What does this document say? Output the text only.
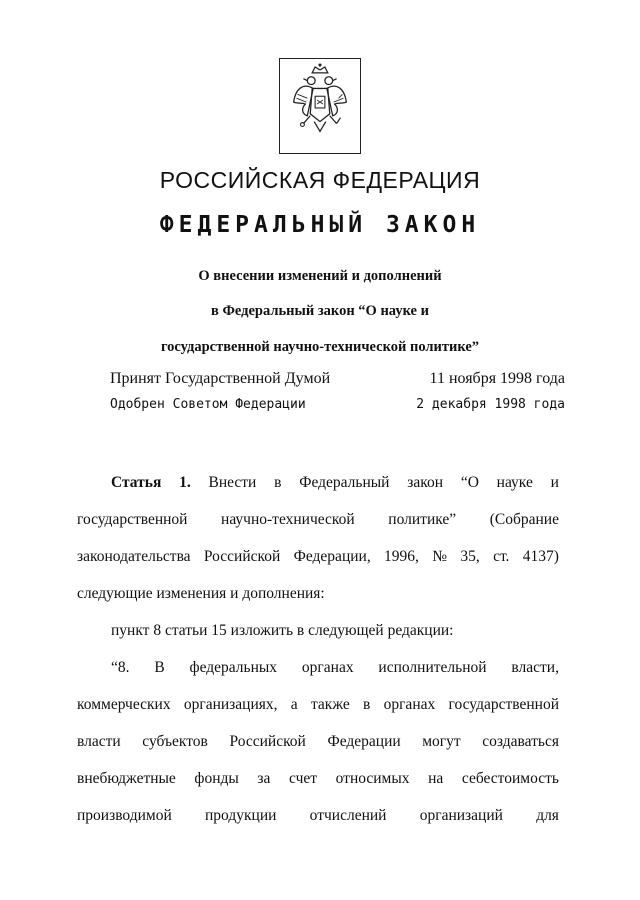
РОССИЙСКАЯ ФЕДЕРАЦИЯ
ФЕДЕРАЛЬНЫЙ ЗАКОН
О внесении изменений и дополнений
в Федеральный закон “О науке и
государственной научно-технической политике”
Принят Государственной Думой	11 ноября 1998 года
Одобрен Советом Федерации	2 декабря 1998 года
Статья 1. Внести в Федеральный закон “О науке и
государственной научно-технической политике” (Собрание
законодательства Российской Федерации, 1996, № 35, ст. 4137)
следующие изменения и дополнения:
пункт 8 статьи 15 изложить в следующей редакции:
“8. В федеральных органах исполнительной власти,
коммерческих организациях, а также в органах государственной
власти субъектов Российской Федерации могут создаваться
внебюджетные фонды за счет относимых на себестоимость
производимой продукции отчислений организаций для
